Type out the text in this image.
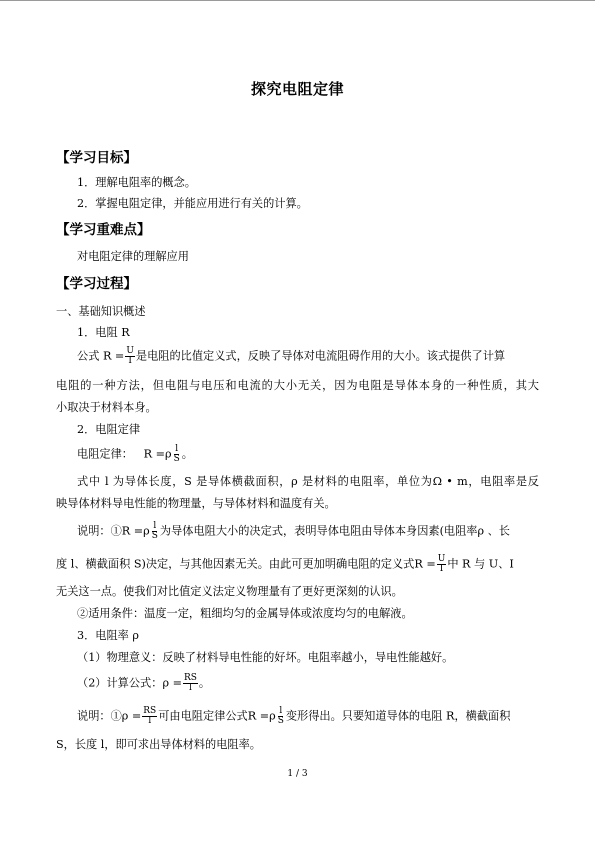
探究电阻定律
【学习目标】
1．理解电阻率的概念。
2．掌握电阻定律，并能应用进行有关的计算。
【学习重难点】
对电阻定律的理解应用
【学习过程】
一、基础知识概述
1．电阻 R
公式 $R = \frac{U}{I}$ 是电阻的比值定义式，反映了导体对电流阻碍作用的大小。该式提供了计算
电阻的一种方法，但电阻与电压和电流的大小无关，因为电阻是导体本身的一种性质，其大
小取决于材料本身。
2．电阻定律
电阻定律： $R =\rho \frac{l}{S}$ 。
式中 l 为导体长度，S 是导体横截面积，ρ 是材料的电阻率，单位为Ω • m，电阻率是反
映导体材料导电性能的物理量，与导体材料和温度有关。
说明：①R $=\rho \frac{l}{S}$ 为导体电阻大小的决定式，表明导体电阻由导体本身因素(电阻率ρ 、长
度 l、横截面积 S)决定，与其他因素无关。由此可更加明确电阻的定义式$R = \frac{U}{I}$ 中 R 与 U、I
无关这一点。使我们对比值定义法定义物理量有了更好更深刻的认识。
②适用条件：温度一定，粗细均匀的金属导体或浓度均匀的电解液。
3．电阻率 ρ
（1）物理意义：反映了材料导电性能的好坏。电阻率越小，导电性能越好。
（2）计算公式：$\rho = \frac{RS}{l}$ 。
说明：①ρ = $\frac{RS}{l}$ 可由电阻定律公式$R =\rho \frac{l}{S}$ 变形得出。只要知道导体的电阻 R，横截面积
S，长度 l，即可求出导体材料的电阻率。
1 / 3
